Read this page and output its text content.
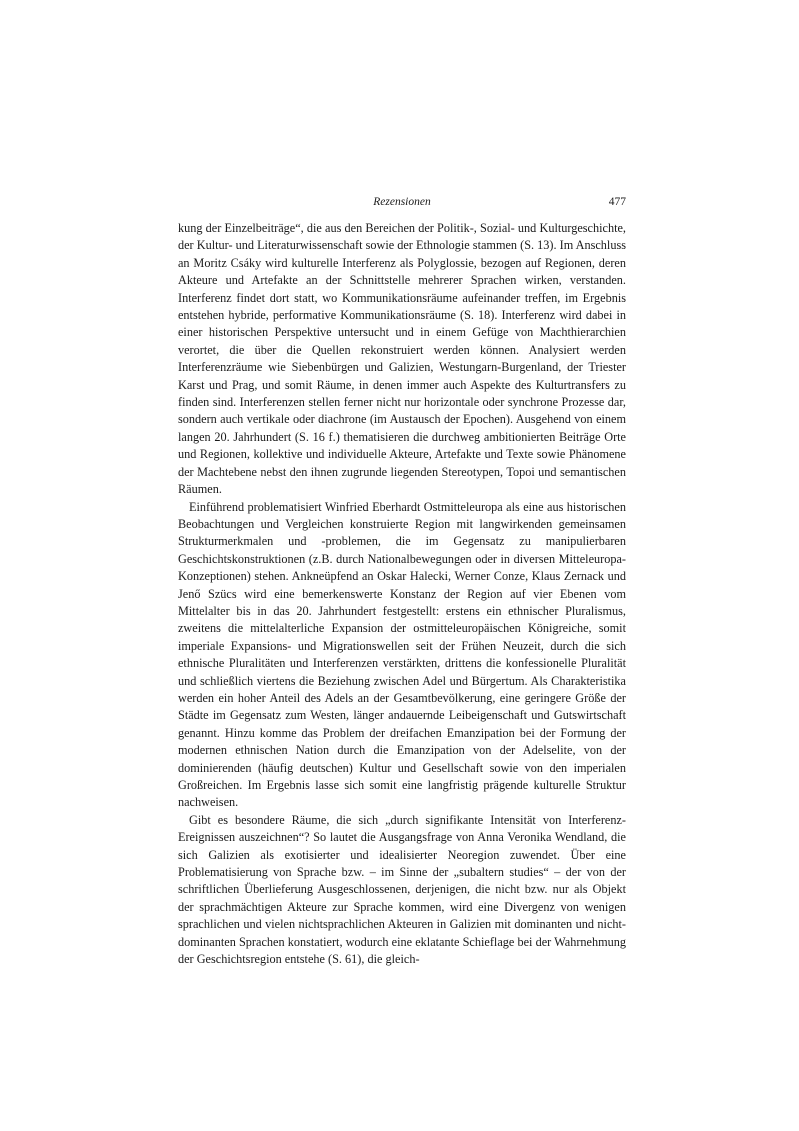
Rezensionen	477

kung der Einzelbeiträge“, die aus den Bereichen der Politik-, Sozial- und Kulturgeschichte, der Kultur- und Literaturwissenschaft sowie der Ethnologie stammen (S. 13). Im Anschluss an Moritz Csáky wird kulturelle Interferenz als Polyglossie, bezogen auf Regionen, deren Akteure und Artefakte an der Schnittstelle mehrerer Sprachen wirken, verstanden. Interferenz findet dort statt, wo Kommunikationsräume aufeinander treffen, im Ergebnis entstehen hybride, performative Kommunikationsräume (S. 18). Interferenz wird dabei in einer historischen Perspektive untersucht und in einem Gefüge von Machthierarchien verortet, die über die Quellen rekonstruiert werden können. Analysiert werden Interferenzräume wie Siebenbürgen und Galizien, Westungarn-Burgenland, der Triester Karst und Prag, und somit Räume, in denen immer auch Aspekte des Kulturtransfers zu finden sind. Interferenzen stellen ferner nicht nur horizontale oder synchrone Prozesse dar, sondern auch vertikale oder diachrone (im Austausch der Epochen). Ausgehend von einem langen 20. Jahrhundert (S. 16 f.) thematisieren die durchweg ambitionierten Beiträge Orte und Regionen, kollektive und individuelle Akteure, Artefakte und Texte sowie Phänomene der Machtebene nebst den ihnen zugrunde liegenden Stereotypen, Topoi und semantischen Räumen.

Einführend problematisiert Winfried Eberhardt Ostmitteleuropa als eine aus historischen Beobachtungen und Vergleichen konstruierte Region mit langwirkenden gemeinsamen Strukturmerkmalen und -problemen, die im Gegensatz zu manipulierbaren Geschichtskonstruktionen (z.B. durch Nationalbewegungen oder in diversen Mitteleuropa-Konzeptionen) stehen. Ankneüpfend an Oskar Halecki, Werner Conze, Klaus Zernack und Jenő Szücs wird eine bemerkenswerte Konstanz der Region auf vier Ebenen vom Mittelalter bis in das 20. Jahrhundert festgestellt: erstens ein ethnischer Pluralismus, zweitens die mittelalterliche Expansion der ostmitteleuropäischen Königreiche, somit imperiale Expansions- und Migrationswellen seit der Frühen Neuzeit, durch die sich ethnische Pluralitäten und Interferenzen verstärkten, drittens die konfessionelle Pluralität und schließlich viertens die Beziehung zwischen Adel und Bürgertum. Als Charakteristika werden ein hoher Anteil des Adels an der Gesamtbevölkerung, eine geringere Größe der Städte im Gegensatz zum Westen, länger andauernde Leibeigenschaft und Gutswirtschaft genannt. Hinzu komme das Problem der dreifachen Emanzipation bei der Formung der modernen ethnischen Nation durch die Emanzipation von der Adelselite, von der dominierenden (häufig deutschen) Kultur und Gesellschaft sowie von den imperialen Großreichen. Im Ergebnis lasse sich somit eine langfristig prägende kulturelle Struktur nachweisen.

Gibt es besondere Räume, die sich „durch signifikante Intensität von Interferenz-Ereignissen auszeichnen“? So lautet die Ausgangsfrage von Anna Veronika Wendland, die sich Galizien als exotisierter und idealisierter Neoregion zuwendet. Über eine Problematisierung von Sprache bzw. – im Sinne der „subaltern studies“ – der von der schriftlichen Überlieferung Ausgeschlossenen, derjenigen, die nicht bzw. nur als Objekt der sprachmächtigen Akteure zur Sprache kommen, wird eine Divergenz von wenigen sprachlichen und vielen nichtsprachlichen Akteuren in Galizien mit dominanten und nicht-dominanten Sprachen konstatiert, wodurch eine eklatante Schieflage bei der Wahrnehmung der Geschichtsregion entstehe (S. 61), die gleich-
